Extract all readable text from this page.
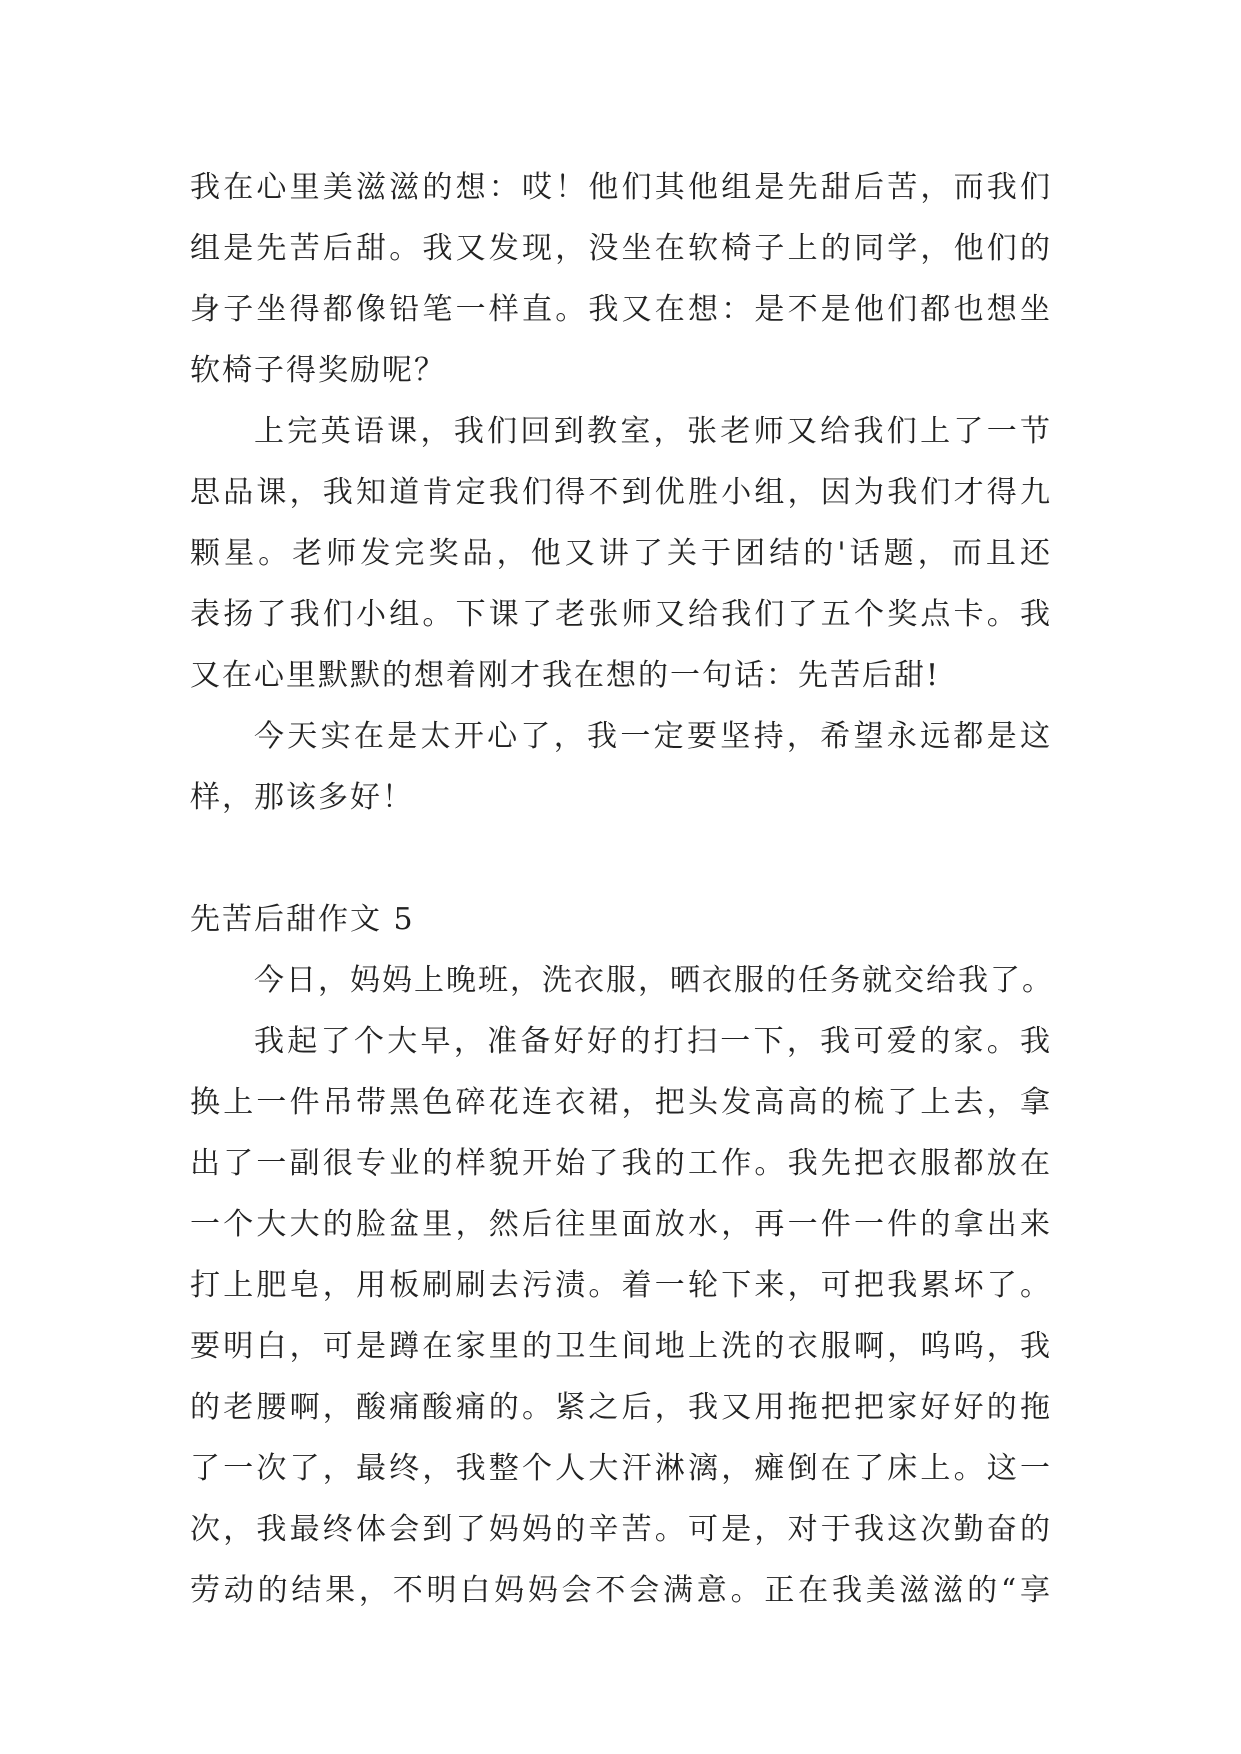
我在心里美滋滋的想：哎！他们其他组是先甜后苦，而我们
组是先苦后甜。我又发现，没坐在软椅子上的同学，他们的
身子坐得都像铅笔一样直。我又在想：是不是他们都也想坐
软椅子得奖励呢？
上完英语课，我们回到教室，张老师又给我们上了一节
思品课，我知道肯定我们得不到优胜小组，因为我们才得九
颗星。老师发完奖品，他又讲了关于团结的'话题，而且还
表扬了我们小组。下课了老张师又给我们了五个奖点卡。我
又在心里默默的想着刚才我在想的一句话：先苦后甜!
今天实在是太开心了，我一定要坚持，希望永远都是这
样，那该多好！
先苦后甜作文 5
今日，妈妈上晚班，洗衣服，晒衣服的任务就交给我了。
我起了个大早，准备好好的打扫一下，我可爱的家。我
换上一件吊带黑色碎花连衣裙，把头发高高的梳了上去，拿
出了一副很专业的样貌开始了我的工作。我先把衣服都放在
一个大大的脸盆里，然后往里面放水，再一件一件的拿出来
打上肥皂，用板刷刷去污渍。着一轮下来，可把我累坏了。
要明白，可是蹲在家里的卫生间地上洗的衣服啊，呜呜，我
的老腰啊，酸痛酸痛的。紧之后，我又用拖把把家好好的拖
了一次了，最终，我整个人大汗淋漓，瘫倒在了床上。这一
次，我最终体会到了妈妈的辛苦。可是，对于我这次勤奋的
劳动的结果，不明白妈妈会不会满意。正在我美滋滋的“享
